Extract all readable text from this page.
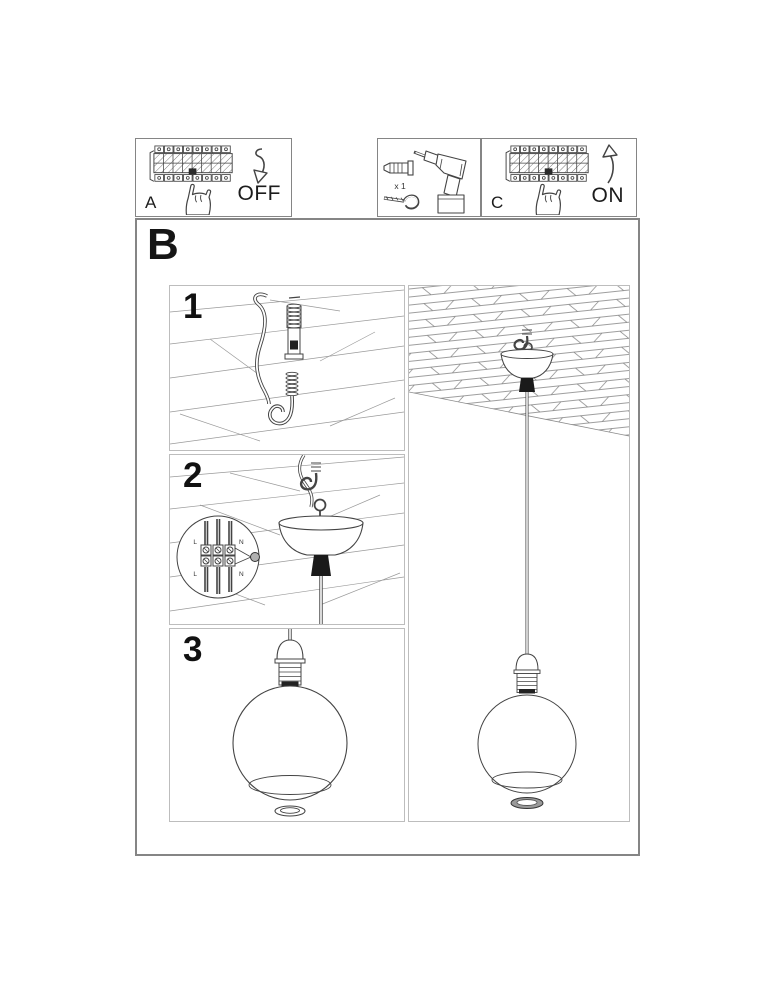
OFF
A
x 1	ON
C
B
1
L	N
L	N
2
3
